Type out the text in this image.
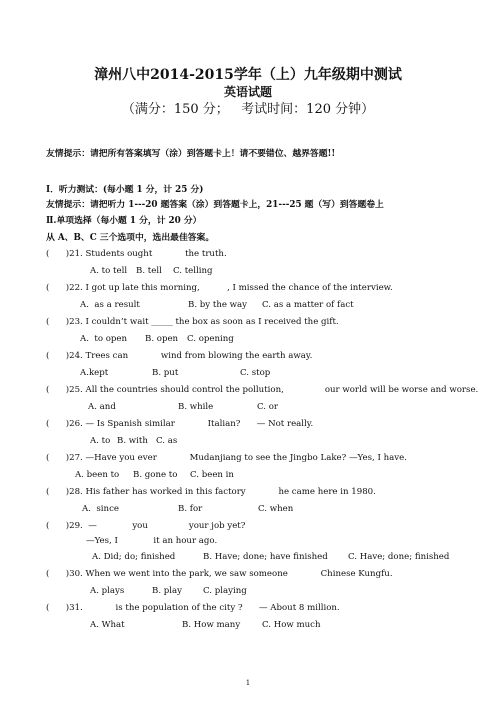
漳州八中2014-2015学年（上）九年级期中测试
英语试题
（满分：150 分；   考试时间：120 分钟）
友情提示：请把所有答案填写（涂）到答题卡上！请不要错位、越界答题!!
Ⅰ．听力测试：(每小题 1 分，计 25 分)
友情提示：请把听力 1---20 题答案（涂）到答题卡上，21---25 题（写）到答题卷上
Ⅱ.单项选择（每小题 1 分，计 20 分）
从 A、B、C 三个选项中，选出最佳答案。
(      )21. Students ought            the truth.
A. to tell B. tell C. telling
(      )22. I got up late this morning,          , I missed the chance of the interview.
A.  as a result	B. by the way C. as a matter of fact
(      )23. I couldn’t wait _____ the box as soon as I received the gift.
A.  to open B. open C. opening
(      )24. Trees can            wind from blowing the earth away.
A.kept	B. put	C. stop
(      )25. All the countries should control the pollution,               our world will be worse and worse.
A. and	B. while	C. or
(      )26. — Is Spanish similar            Italian?      — Not really.
A. to B. with C. as
(      )27. —Have you ever            Mudanjiang to see the Jingbo Lake? —Yes, I have.
A. been to B. gone to C. been in
(      )28. His father has worked in this factory            he came here in 1980.
A.  since	B. for	C. when
(      )29.  —             you               your job yet?
—Yes, I             it an hour ago.
A. Did; do; finished	B. Have; done; have finished C. Have; done; finished
(      )30. When we went into the park, we saw someone            Chinese Kungfu.
A. plays	B. play C. playing
(      )31.            is the population of the city ?      — About 8 million.
A. What	B. How many	C. How much
1
